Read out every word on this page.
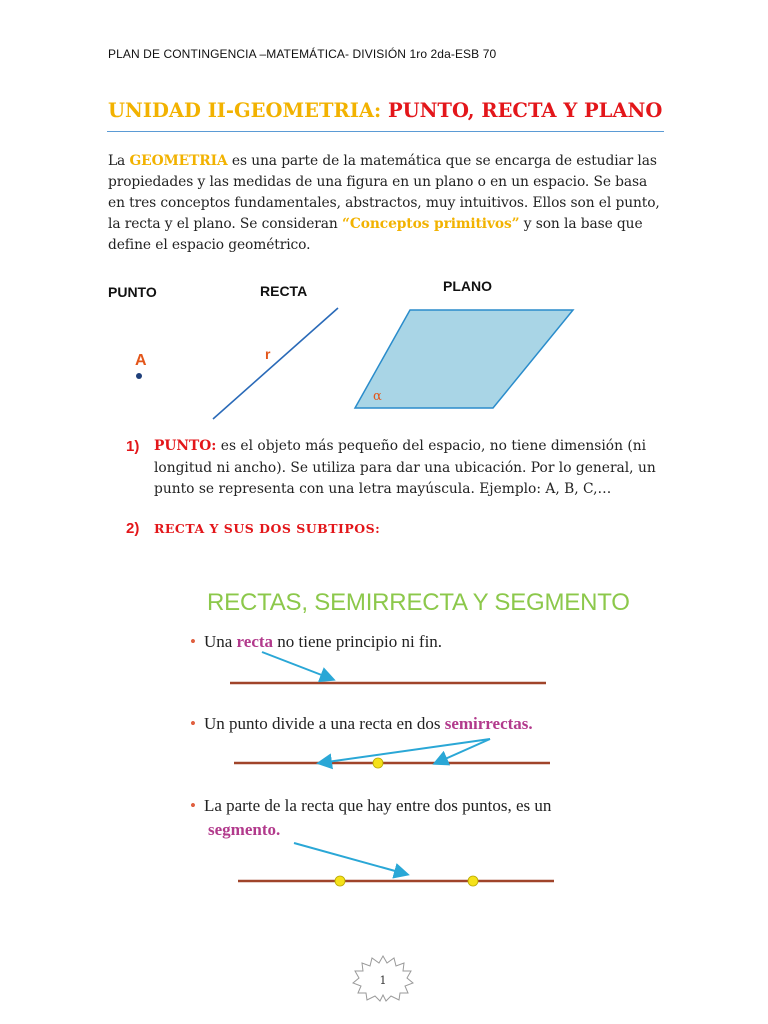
PLAN DE CONTINGENCIA –MATEMÁTICA- DIVISIÓN 1ro 2da-ESB 70
UNIDAD II-GEOMETRIA: PUNTO, RECTA Y PLANO
La GEOMETRIA es una parte de la matemática que se encarga de estudiar las propiedades y las medidas de una figura en un plano o en un espacio. Se basa en tres conceptos fundamentales, abstractos, muy intuitivos. Ellos son el punto, la recta y el plano. Se consideran “Conceptos primitivos” y son la base que define el espacio geométrico.
PUNTO	RECTA	PLANO
A	r
α
1) PUNTO: es el objeto más pequeño del espacio, no tiene dimensión (ni longitud ni ancho). Se utiliza para dar una ubicación. Por lo general, un punto se representa con una letra mayúscula. Ejemplo: A, B, C,…
2) RECTA Y SUS DOS SUBTIPOS:
RECTAS, SEMIRRECTA Y SEGMENTO
• Una recta no tiene principio ni fin.
• Un punto divide a una recta en dos semirrectas.
• La parte de la recta que hay entre dos puntos, es un
segmento.
1
